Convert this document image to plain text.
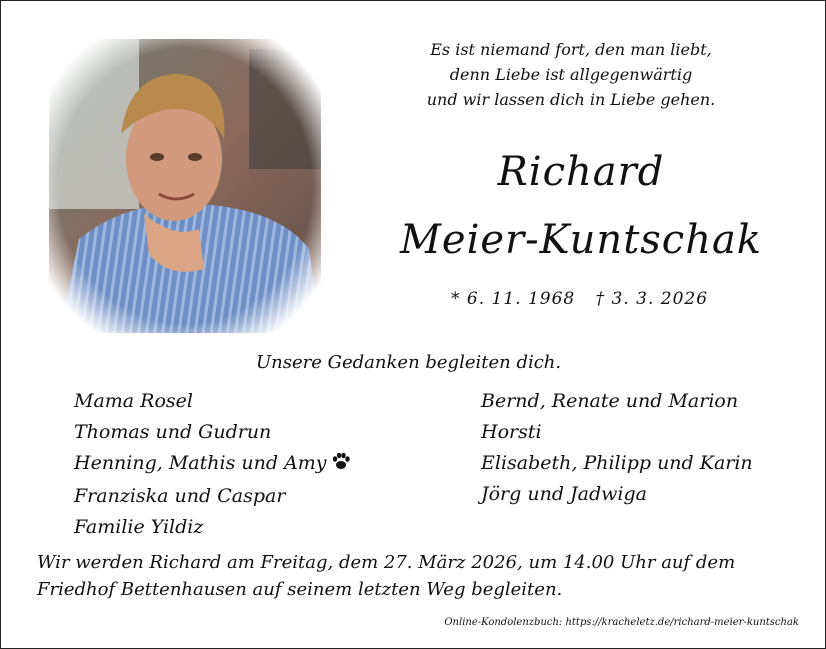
Es ist niemand fort, den man liebt,
denn Liebe ist allgegenwärtig
und wir lassen dich in Liebe gehen.
Richard
Meier-Kuntschak
* 6. 11. 1968 † 3. 3. 2026
Unsere Gedanken begleiten dich.
Mama Rosel
Thomas und Gudrun
Henning, Mathis und Amy
Franziska und Caspar
Familie Yildiz
Bernd, Renate und Marion
Horsti
Elisabeth, Philipp und Karin
Jörg und Jadwiga
Wir werden Richard am Freitag, dem 27. März 2026, um 14.00 Uhr auf dem Friedhof Bettenhausen auf seinem letzten Weg begleiten.
Online-Kondolenzbuch: https://kracheletz.de/richard-meier-kuntschak
